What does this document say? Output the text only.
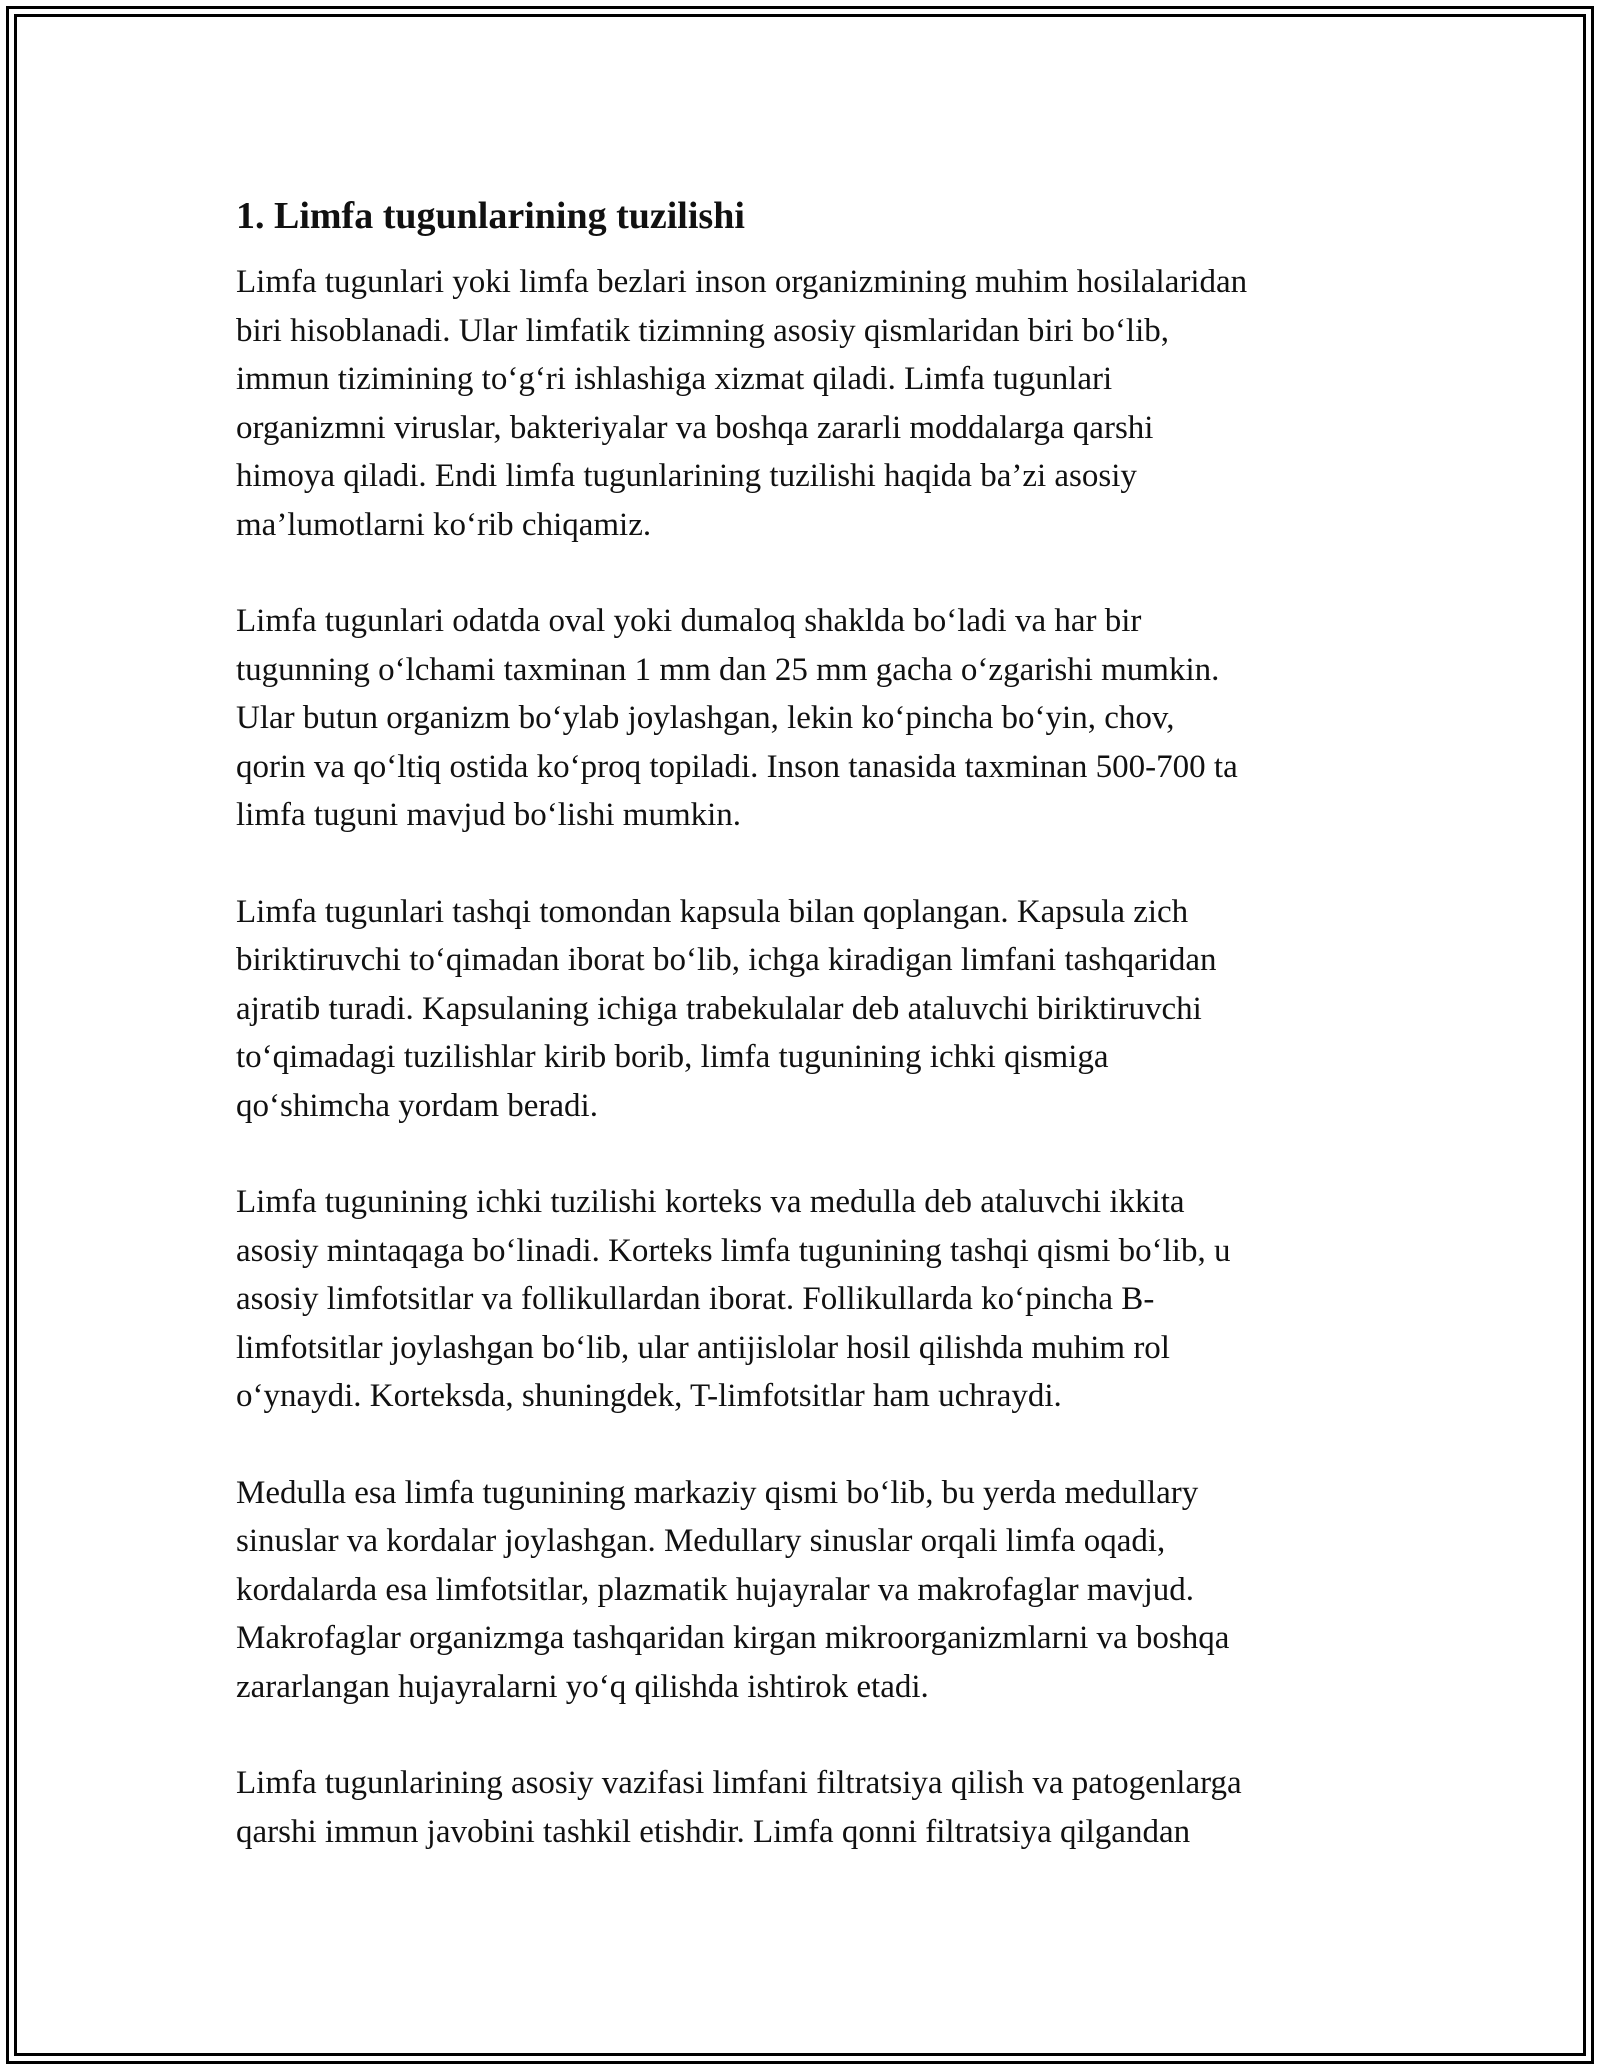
1. Limfa tugunlarining tuzilishi

Limfa tugunlari yoki limfa bezlari inson organizmining muhim hosilalaridan
biri hisoblanadi. Ular limfatik tizimning asosiy qismlaridan biri bo‘lib,
immun tizimining to‘g‘ri ishlashiga xizmat qiladi. Limfa tugunlari
organizmni viruslar, bakteriyalar va boshqa zararli moddalarga qarshi
himoya qiladi. Endi limfa tugunlarining tuzilishi haqida ba’zi asosiy
ma’lumotlarni ko‘rib chiqamiz.

Limfa tugunlari odatda oval yoki dumaloq shaklda bo‘ladi va har bir
tugunning o‘lchami taxminan 1 mm dan 25 mm gacha o‘zgarishi mumkin.
Ular butun organizm bo‘ylab joylashgan, lekin ko‘pincha bo‘yin, chov,
qorin va qo‘ltiq ostida ko‘proq topiladi. Inson tanasida taxminan 500-700 ta
limfa tuguni mavjud bo‘lishi mumkin.

Limfa tugunlari tashqi tomondan kapsula bilan qoplangan. Kapsula zich
biriktiruvchi to‘qimadan iborat bo‘lib, ichga kiradigan limfani tashqaridan
ajratib turadi. Kapsulaning ichiga trabekulalar deb ataluvchi biriktiruvchi
to‘qimadagi tuzilishlar kirib borib, limfa tugunining ichki qismiga
qo‘shimcha yordam beradi.

Limfa tugunining ichki tuzilishi korteks va medulla deb ataluvchi ikkita
asosiy mintaqaga bo‘linadi. Korteks limfa tugunining tashqi qismi bo‘lib, u
asosiy limfotsitlar va follikullardan iborat. Follikullarda ko‘pincha B-
limfotsitlar joylashgan bo‘lib, ular antijislolar hosil qilishda muhim rol
o‘ynaydi. Korteksda, shuningdek, T-limfotsitlar ham uchraydi.

Medulla esa limfa tugunining markaziy qismi bo‘lib, bu yerda medullary
sinuslar va kordalar joylashgan. Medullary sinuslar orqali limfa oqadi,
kordalarda esa limfotsitlar, plazmatik hujayralar va makrofaglar mavjud.
Makrofaglar organizmga tashqaridan kirgan mikroorganizmlarni va boshqa
zararlangan hujayralarni yo‘q qilishda ishtirok etadi.

Limfa tugunlarining asosiy vazifasi limfani filtratsiya qilish va patogenlarga
qarshi immun javobini tashkil etishdir. Limfa qonni filtratsiya qilgandan
